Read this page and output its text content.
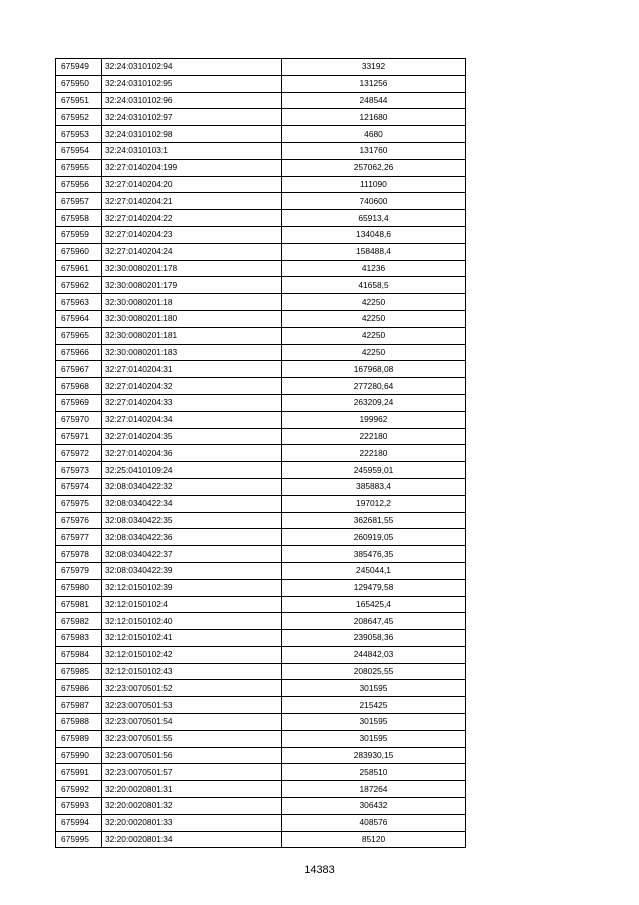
675949	32:24:0310102:94	33192
675950	32:24:0310102:95	131256
675951	32:24:0310102:96	248544
675952	32:24:0310102:97	121680
675953	32:24:0310102:98	4680
675954	32:24:0310103:1	131760
675955	32:27:0140204:199	257062,26
675956	32:27:0140204:20	111090
675957	32:27:0140204:21	740600
675958	32:27:0140204:22	65913,4
675959	32:27:0140204:23	134048,6
675960	32:27:0140204:24	158488,4
675961	32:30:0080201:178	41236
675962	32:30:0080201:179	41658,5
675963	32:30:0080201:18	42250
675964	32:30:0080201:180	42250
675965	32:30:0080201:181	42250
675966	32:30:0080201:183	42250
675967	32:27:0140204:31	167968,08
675968	32:27:0140204:32	277280,64
675969	32:27:0140204:33	263209,24
675970	32:27:0140204:34	199962
675971	32:27:0140204:35	222180
675972	32:27:0140204:36	222180
675973	32:25:0410109:24	245959,01
675974	32:08:0340422:32	385883,4
675975	32:08:0340422:34	197012,2
675976	32:08:0340422:35	362681,55
675977	32:08:0340422:36	260919,05
675978	32:08:0340422:37	385476,35
675979	32:08:0340422:39	245044,1
675980	32:12:0150102:39	129479,58
675981	32:12:0150102:4	165425,4
675982	32:12:0150102:40	208647,45
675983	32:12:0150102:41	239058,36
675984	32:12:0150102:42	244842,03
675985	32:12:0150102:43	208025,55
675986	32:23:0070501:52	301595
675987	32:23:0070501:53	215425
675988	32:23:0070501:54	301595
675989	32:23:0070501:55	301595
675990	32:23:0070501:56	283930,15
675991	32:23:0070501:57	258510
675992	32:20:0020801:31	187264
675993	32:20:0020801:32	306432
675994	32:20:0020801:33	408576
675995	32:20:0020801:34	85120
14383
